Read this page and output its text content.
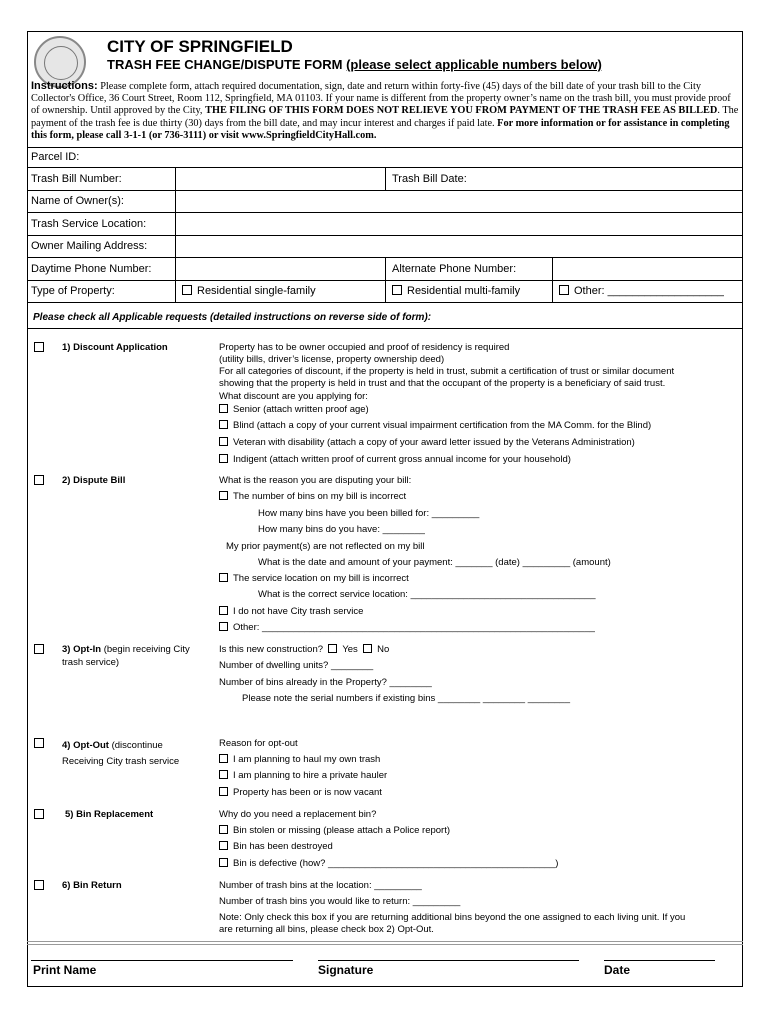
CITY OF SPRINGFIELD
TRASH FEE CHANGE/DISPUTE FORM (please select applicable numbers below)
Instructions: Please complete form, attach required documentation, sign, date and return within forty-five (45) days of the bill date of your trash bill to the City Collector's Office, 36 Court Street, Room 112, Springfield, MA 01103. If your name is different from the property owner’s name on the trash bill, you must provide proof of ownership. Until approved by the City, THE FILING OF THIS FORM DOES NOT RELIEVE YOU FROM PAYMENT OF THE TRASH FEE AS BILLED. The payment of the trash fee is due thirty (30) days from the bill date, and may incur interest and charges if paid late. For more information or for assistance in completing this form, please call 3-1-1 (or 736-3111) or visit www.SpringfieldCityHall.com.
Parcel ID:
Trash Bill Number:	Trash Bill Date:
Name of Owner(s):
Trash Service Location:
Owner Mailing Address:
Daytime Phone Number:	Alternate Phone Number:
Type of Property:	Residential single-family	Residential multi-family	Other: ___________________
Please check all Applicable requests (detailed instructions on reverse side of form):
1) Discount Application	Property has to be owner occupied and proof of residency is required
(utility bills, driver’s license, property ownership deed)
For all categories of discount, if the property is held in trust, submit a certification of trust or similar document
showing that the property is held in trust and that the occupant of the property is a beneficiary of said trust.
What discount are you applying for:
Senior (attach written proof age)
Blind (attach a copy of your current visual impairment certification from the MA Comm. for the Blind)
Veteran with disability (attach a copy of your award letter issued by the Veterans Administration)
Indigent (attach written proof of current gross annual income for your household)
2) Dispute Bill	What is the reason you are disputing your bill:
The number of bins on my bill is incorrect
How many bins have you been billed for: _________
How many bins do you have: ________
My prior payment(s) are not reflected on my bill
What is the date and amount of your payment: _______ (date) _________ (amount)
The service location on my bill is incorrect
What is the correct service location: ___________________________________
I do not have City trash service
Other: _______________________________________________________________
3) Opt-In (begin receiving City
trash service)
Is this new construction? Yes No
Number of dwelling units? ________
Number of bins already in the Property? ________
Please note the serial numbers if existing bins ________ ________ ________
4) Opt-Out (discontinue
Receiving City trash service
Reason for opt-out
I am planning to haul my own trash
I am planning to hire a private hauler
Property has been or is now vacant
5) Bin Replacement	Why do you need a replacement bin?
Bin stolen or missing (please attach a Police report)
Bin has been destroyed
Bin is defective (how? ___________________________________________)
6) Bin Return	Number of trash bins at the location: _________
Number of trash bins you would like to return: _________
Note: Only check this box if you are returning additional bins beyond the one assigned to each living unit. If you
are returning all bins, please check box 2) Opt-Out.
Print Name	Signature	Date
